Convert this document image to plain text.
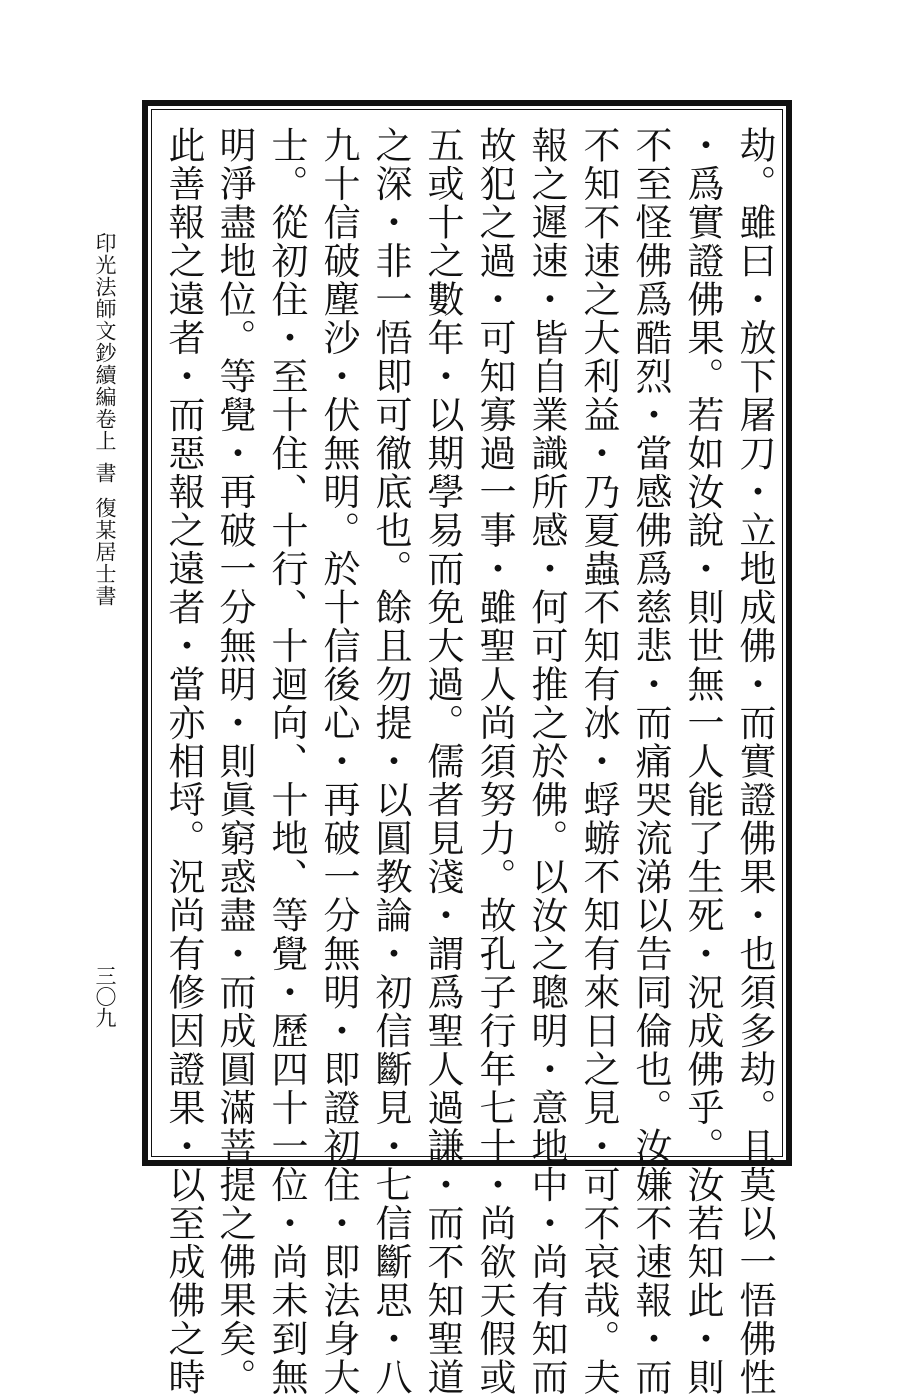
印光法師文鈔續編卷上
書
復某居士書
三〇九	劫。雖曰・放下屠刀・立地成佛・而實證佛果・也須多劫。且莫以一悟佛性
・爲實證佛果。若如汝說・則世無一人能了生死・況成佛乎。汝若知此・則
不至怪佛爲酷烈・當感佛爲慈悲・而痛哭流涕以告同倫也。汝嫌不速報・而
不知不速之大利益・乃夏蟲不知有冰・蜉蝣不知有來日之見・可不哀哉。夫
報之遲速・皆自業識所感・何可推之於佛。以汝之聰明・意地中・尚有知而
故犯之過・可知寡過一事・雖聖人尚須努力。故孔子行年七十・尚欲天假或
五或十之數年・以期學易而免大過。儒者見淺・謂爲聖人過謙・而不知聖道
之深・非一悟即可徹底也。餘且勿提・以圓教論・初信斷見・七信斷思・八
九十信破塵沙・伏無明。於十信後心・再破一分無明・即證初住・即法身大
士。從初住・至十住、十行、十迴向、十地、等覺・歷四十一位・尚未到無
明淨盡地位。等覺・再破一分無明・則眞窮惑盡・而成圓滿菩提之佛果矣。
此善報之遠者・而惡報之遠者・當亦相埒。況尚有修因證果・以至成佛之時
